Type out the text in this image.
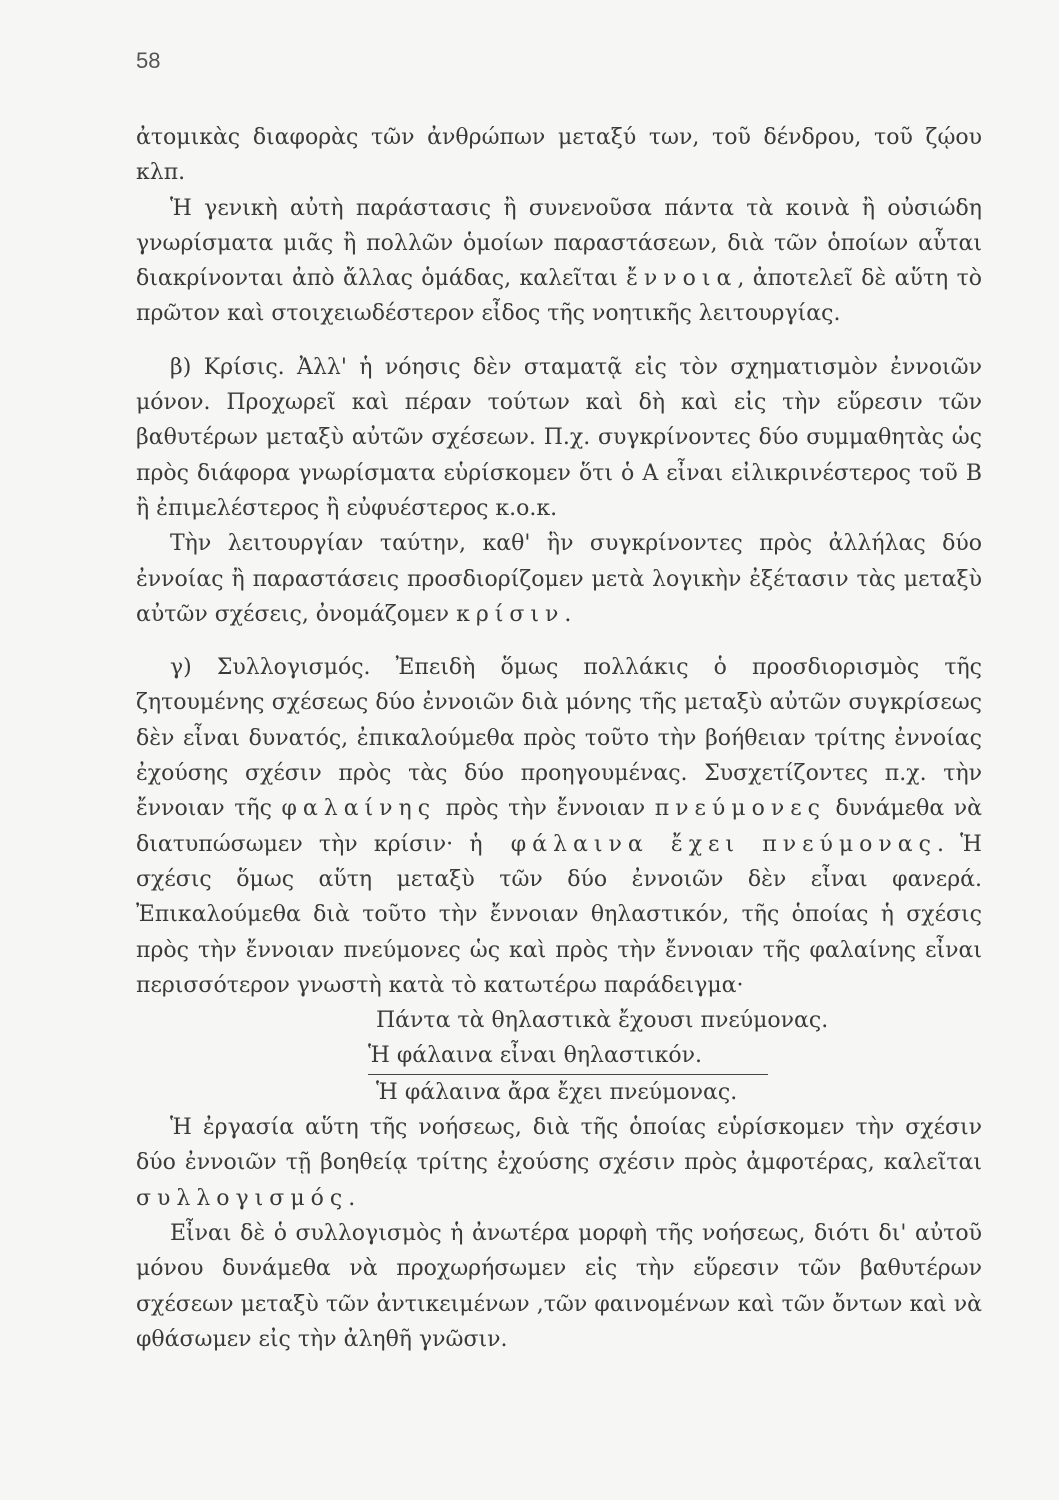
58

ἀτομικὰς διαφορὰς τῶν ἀνθρώπων μεταξύ των, τοῦ δένδρου, τοῦ ζῴου κλπ.

Ἡ γενικὴ αὐτὴ παράστασις ἢ συνενοῦσα πάντα τὰ κοινὰ ἢ οὐσιώδη γνωρίσματα μιᾶς ἢ πολλῶν ὁμοίων παραστάσεων, διὰ τῶν ὁποίων αὗται διακρίνονται ἀπὸ ἄλλας ὁμάδας, καλεῖται ἔννοια, ἀποτελεῖ δὲ αὕτη τὸ πρῶτον καὶ στοιχειωδέστερον εἶδος τῆς νοητικῆς λειτουργίας.

β) Κρίσις. Ἀλλ' ἡ νόησις δὲν σταματᾷ εἰς τὸν σχηματισμὸν ἐννοιῶν μόνον. Προχωρεῖ καὶ πέραν τούτων καὶ δὴ καὶ εἰς τὴν εὕρεσιν τῶν βαθυτέρων μεταξὺ αὐτῶν σχέσεων. Π.χ. συγκρίνοντες δύο συμμαθητὰς ὡς πρὸς διάφορα γνωρίσματα εὑρίσκομεν ὅτι ὁ Α εἶναι εἰλικρινέστερος τοῦ Β ἢ ἐπιμελέστερος ἢ εὐφυέστερος κ.ο.κ.

Τὴν λειτουργίαν ταύτην, καθ' ἣν συγκρίνοντες πρὸς ἀλλήλας δύο ἐννοίας ἢ παραστάσεις προσδιορίζομεν μετὰ λογικὴν ἐξέτασιν τὰς μεταξὺ αὐτῶν σχέσεις, ὀνομάζομεν κρίσιν.

γ) Συλλογισμός. Ἐπειδὴ ὅμως πολλάκις ὁ προσδιορισμὸς τῆς ζητουμένης σχέσεως δύο ἐννοιῶν διὰ μόνης τῆς μεταξὺ αὐτῶν συγκρίσεως δὲν εἶναι δυνατός, ἐπικαλούμεθα πρὸς τοῦτο τὴν βοήθειαν τρίτης ἐννοίας ἐχούσης σχέσιν πρὸς τὰς δύο προηγουμένας. Συσχετίζοντες π.χ. τὴν ἔννοιαν τῆς φαλαίνης πρὸς τὴν ἔννοιαν πνεύμονες δυνάμεθα νὰ διατυπώσωμεν τὴν κρίσιν· ἡ φάλαινα ἔχει πνεύμονας. Ἡ σχέσις ὅμως αὕτη μεταξὺ τῶν δύο ἐννοιῶν δὲν εἶναι φανερά. Ἐπικαλούμεθα διὰ τοῦτο τὴν ἔννοιαν θηλαστικόν, τῆς ὁποίας ἡ σχέσις πρὸς τὴν ἔννοιαν πνεύμονες ὡς καὶ πρὸς τὴν ἔννοιαν τῆς φαλαίνης εἶναι περισσότερον γνωστὴ κατὰ τὸ κατωτέρω παράδειγμα·

Πάντα τὰ θηλαστικὰ ἔχουσι πνεύμονας.
Ἡ φάλαινα εἶναι θηλαστικόν.
Ἡ φάλαινα ἄρα ἔχει πνεύμονας.

Ἡ ἐργασία αὕτη τῆς νοήσεως, διὰ τῆς ὁποίας εὑρίσκομεν τὴν σχέσιν δύο ἐννοιῶν τῇ βοηθείᾳ τρίτης ἐχούσης σχέσιν πρὸς ἀμφοτέρας, καλεῖται συλλογισμός.

Εἶναι δὲ ὁ συλλογισμὸς ἡ ἀνωτέρα μορφὴ τῆς νοήσεως, διότι δι' αὐτοῦ μόνου δυνάμεθα νὰ προχωρήσωμεν εἰς τὴν εὕρεσιν τῶν βαθυτέρων σχέσεων μεταξὺ τῶν ἀντικειμένων ,τῶν φαινομένων καὶ τῶν ὄντων καὶ νὰ φθάσωμεν εἰς τὴν ἀληθῆ γνῶσιν.
